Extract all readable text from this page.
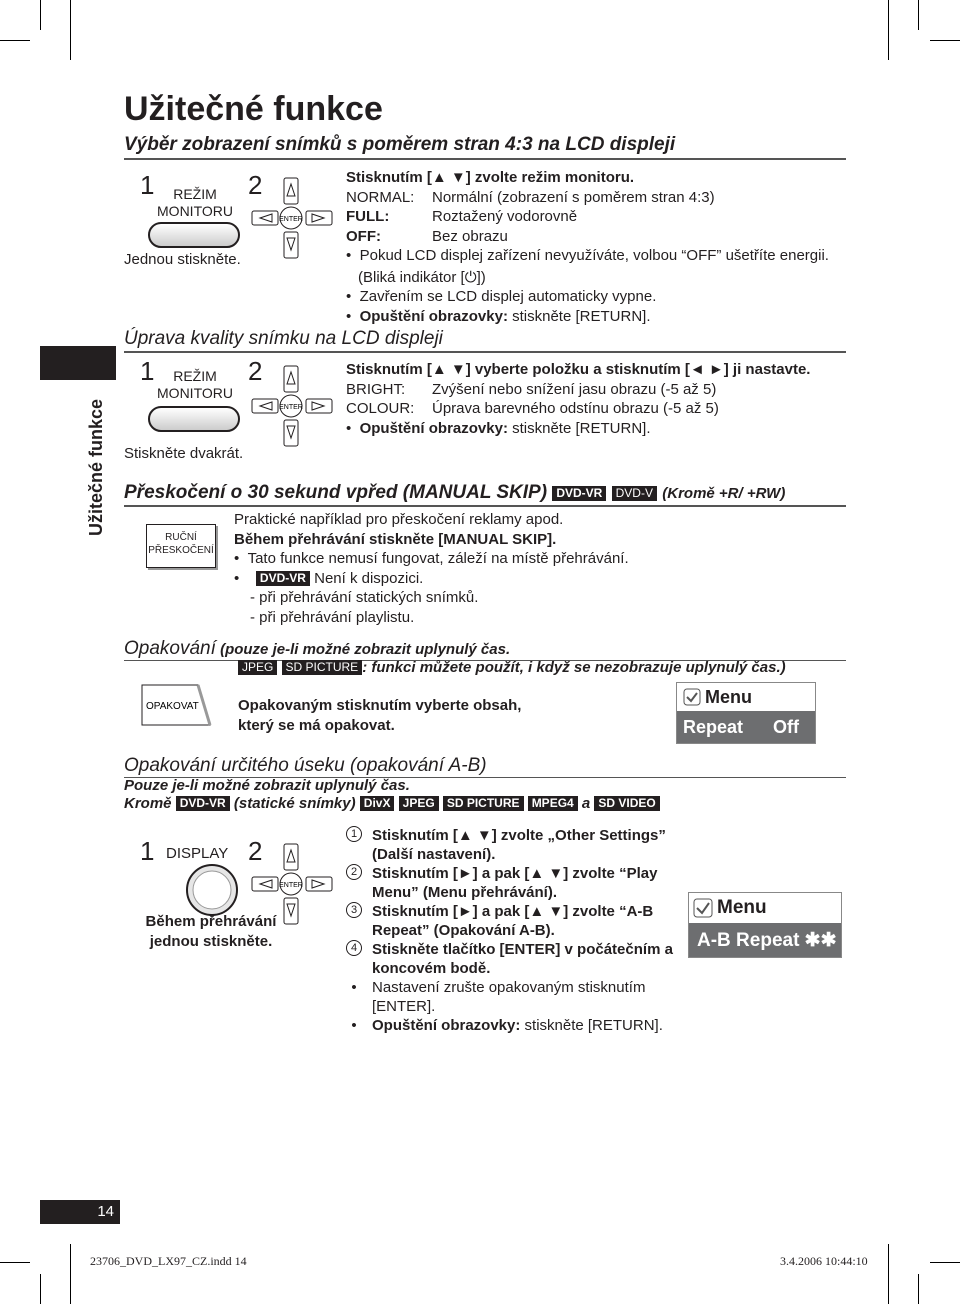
Užitečné funkce
Užitečné funkce
Výběr zobrazení snímků s poměrem stran 4:3 na LCD displeji
1	REŽIM MONITORU
Jednou stiskněte.
2
ENTER
Stisknutím [▲ ▼] zvolte režim monitoru.
NORMAL: Normální (zobrazení s poměrem stran 4:3)
FULL:	Roztažený vodorovně
OFF:	Bez obrazu
•  Pokud LCD displej zařízení nevyužíváte, volbou “OFF” ušetříte energii.
(Bliká indikátor [⏻])
•  Zavřením se LCD displej automaticky vypne.
•  Opuštění obrazovky: stiskněte [RETURN].
Úprava kvality snímku na LCD displeji
1	REŽIM MONITORU
Stiskněte dvakrát.
2
ENTER
Stisknutím [▲ ▼] vyberte položku a stisknutím [◄ ►] ji nastavte.
BRIGHT: Zvýšení nebo snížení jasu obrazu (-5 až 5)
COLOUR: Úprava barevného odstínu obrazu (-5 až 5)
•  Opuštění obrazovky: stiskněte [RETURN].
Přeskočení o 30 sekund vpřed (MANUAL SKIP) DVD-VR DVD-V (Kromě +R/ +RW)
RUČNÍ PŘESKOČENÍ
Praktické například pro přeskočení reklamy apod.
Během přehrávání stiskněte [MANUAL SKIP].
•  Tato funkce nemusí fungovat, záleží na místě přehrávání.
•    DVD-VR Není k dispozici.
- při přehrávání statických snímků.
- při přehrávání playlistu.
Opakování (pouze je-li možné zobrazit uplynulý čas.
JPEG SD PICTURE : funkci můžete použít, i když se nezobrazuje uplynulý čas.)
OPAKOVAT	Opakovaným stisknutím vyberte obsah, který se má opakovat.
Menu
Repeat Off
Opakování určitého úseku (opakování A-B)
Pouze je-li možné zobrazit uplynulý čas.
Kromě DVD-VR (statické snímky) DivX JPEG SD PICTURE MPEG4 a SD VIDEO
1 DISPLAY
Během přehrávání jednou stiskněte.
2
ENTER
1 Stisknutím [▲ ▼] zvolte „Other Settings” (Další nastavení).
2 Stisknutím [►] a pak [▲ ▼] zvolte “Play Menu” (Menu přehrávání).
3 Stisknutím [►] a pak [▲ ▼] zvolte “A-B Repeat” (Opakování A-B).
4 Stiskněte tlačítko [ENTER] v počátečním a koncovém bodě.
•	Nastavení zrušte opakovaným stisknutím [ENTER].
•	Opuštění obrazovky: stiskněte [RETURN].
Menu
A-B Repeat ✱✱
14
23706_DVD_LX97_CZ.indd 14	3.4.2006 10:44:10
